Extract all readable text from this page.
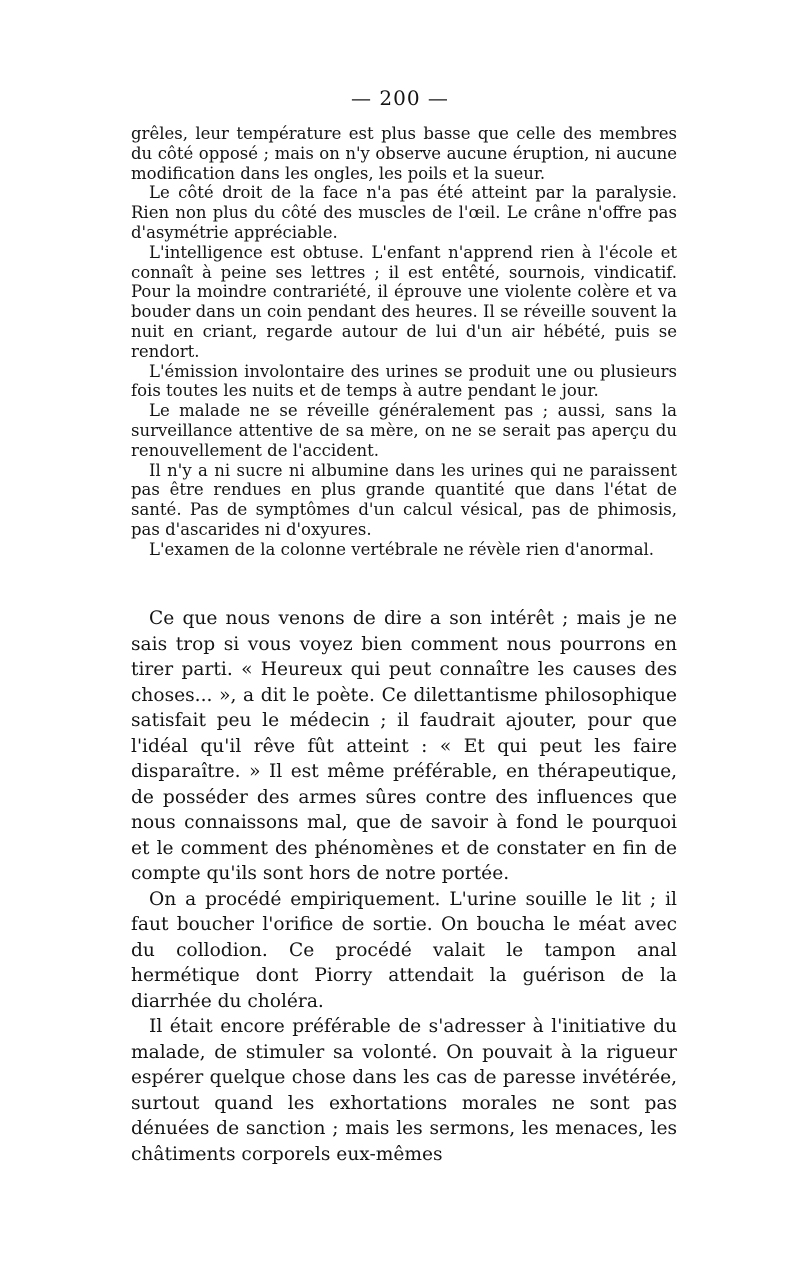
— 200 —

grêles, leur température est plus basse que celle des membres du côté opposé ; mais on n'y observe aucune éruption, ni aucune modification dans les ongles, les poils et la sueur.

Le côté droit de la face n'a pas été atteint par la paralysie. Rien non plus du côté des muscles de l'œil. Le crâne n'offre pas d'asymétrie appréciable.

L'intelligence est obtuse. L'enfant n'apprend rien à l'école et connaît à peine ses lettres ; il est entêté, sournois, vindicatif. Pour la moindre contrariété, il éprouve une violente colère et va bouder dans un coin pendant des heures. Il se réveille souvent la nuit en criant, regarde autour de lui d'un air hébété, puis se rendort.

L'émission involontaire des urines se produit une ou plusieurs fois toutes les nuits et de temps à autre pendant le jour.

Le malade ne se réveille généralement pas ; aussi, sans la surveillance attentive de sa mère, on ne se serait pas aperçu du renouvellement de l'accident.

Il n'y a ni sucre ni albumine dans les urines qui ne paraissent pas être rendues en plus grande quantité que dans l'état de santé. Pas de symptômes d'un calcul vésical, pas de phimosis, pas d'ascarides ni d'oxyures.

L'examen de la colonne vertébrale ne révèle rien d'anormal.

Ce que nous venons de dire a son intérêt ; mais je ne sais trop si vous voyez bien comment nous pourrons en tirer parti. « Heureux qui peut connaître les causes des choses... », a dit le poète. Ce dilettantisme philosophique satisfait peu le médecin ; il faudrait ajouter, pour que l'idéal qu'il rêve fût atteint : « Et qui peut les faire disparaître. » Il est même préférable, en thérapeutique, de posséder des armes sûres contre des influences que nous connaissons mal, que de savoir à fond le pourquoi et le comment des phénomènes et de constater en fin de compte qu'ils sont hors de notre portée.

On a procédé empiriquement. L'urine souille le lit ; il faut boucher l'orifice de sortie. On boucha le méat avec du collodion. Ce procédé valait le tampon anal hermétique dont Piorry attendait la guérison de la diarrhée du choléra.

Il était encore préférable de s'adresser à l'initiative du malade, de stimuler sa volonté. On pouvait à la rigueur espérer quelque chose dans les cas de paresse invétérée, surtout quand les exhortations morales ne sont pas dénuées de sanction ; mais les sermons, les menaces, les châtiments corporels eux-mêmes
